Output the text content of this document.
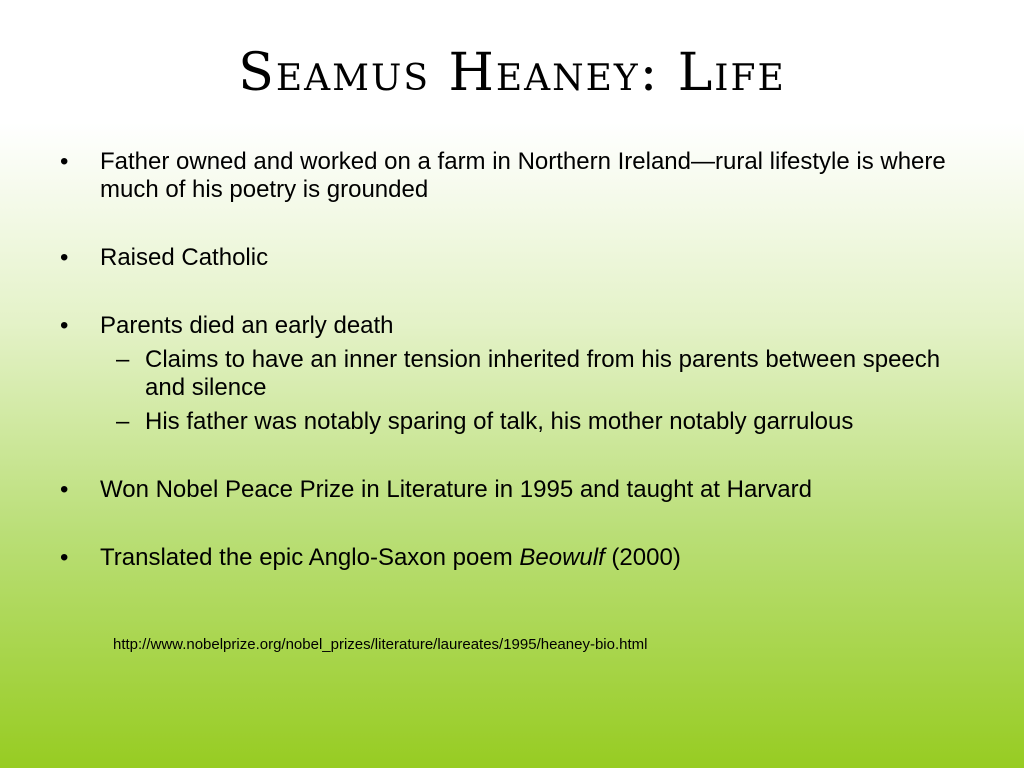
Seamus Heaney: Life
• Father owned and worked on a farm in Northern Ireland—rural lifestyle is where much of his poetry is grounded
• Raised Catholic
• Parents died an early death
– Claims to have an inner tension inherited from his parents between speech and silence
– His father was notably sparing of talk, his mother notably garrulous
• Won Nobel Peace Prize in Literature in 1995 and taught at Harvard
• Translated the epic Anglo-Saxon poem Beowulf (2000)
http://www.nobelprize.org/nobel_prizes/literature/laureates/1995/heaney-bio.html
